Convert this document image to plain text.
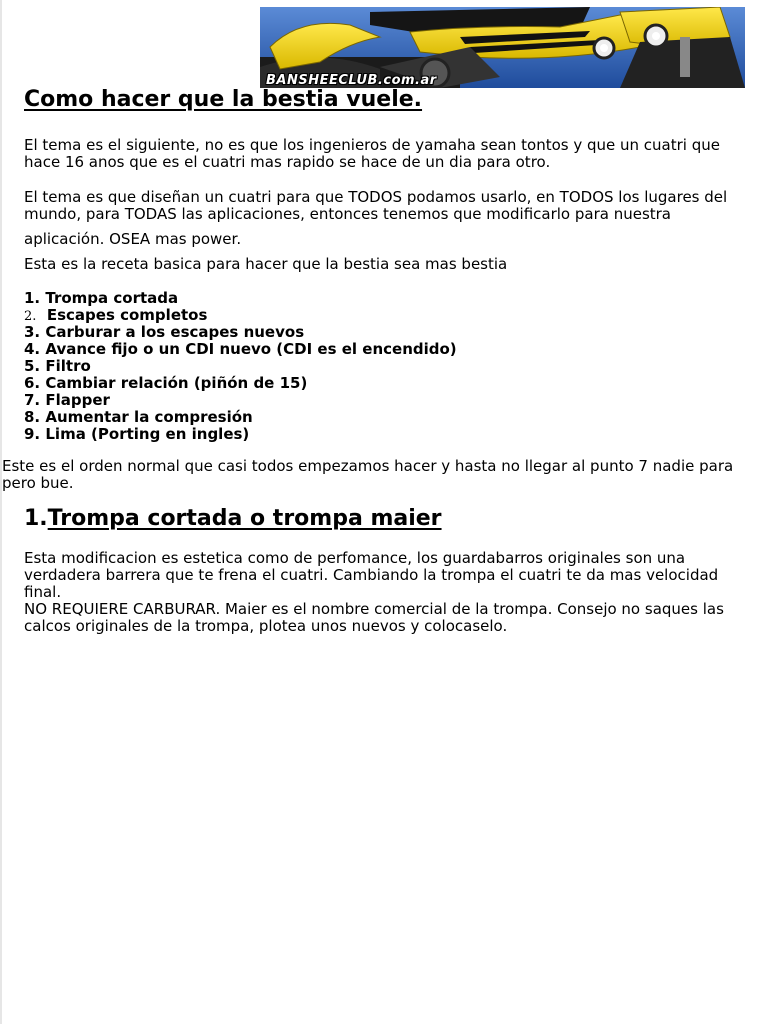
BANSHEECLUB.com.ar
Como hacer que la bestia vuele.

El tema es el siguiente, no es que los ingenieros de yamaha sean tontos y que un cuatri que hace 16 anos que es el cuatri mas rapido se hace de un dia para otro.

El tema es que diseñan un cuatri para que TODOS podamos usarlo, en TODOS los lugares del mundo, para TODAS las aplicaciones, entonces tenemos que modificarlo para nuestra

aplicación. OSEA mas power.

Esta es la receta basica para hacer que la bestia sea mas bestia

1. Trompa cortada
2. Escapes completos
3. Carburar a los escapes nuevos
4. Avance fijo o un CDI nuevo (CDI es el encendido)
5. Filtro
6. Cambiar relación (piñón de 15)
7. Flapper
8. Aumentar la compresión
9. Lima (Porting en ingles)

Este es el orden normal que casi todos empezamos hacer y hasta no llegar al punto 7 nadie para pero bue.

1.Trompa cortada o trompa maier

Esta modificacion es estetica como de perfomance, los guardabarros originales son una verdadera barrera que te frena el cuatri. Cambiando la trompa el cuatri te da mas velocidad final.

NO REQUIERE CARBURAR. Maier es el nombre comercial de la trompa. Consejo no saques las calcos originales de la trompa, plotea unos nuevos y colocaselo.
